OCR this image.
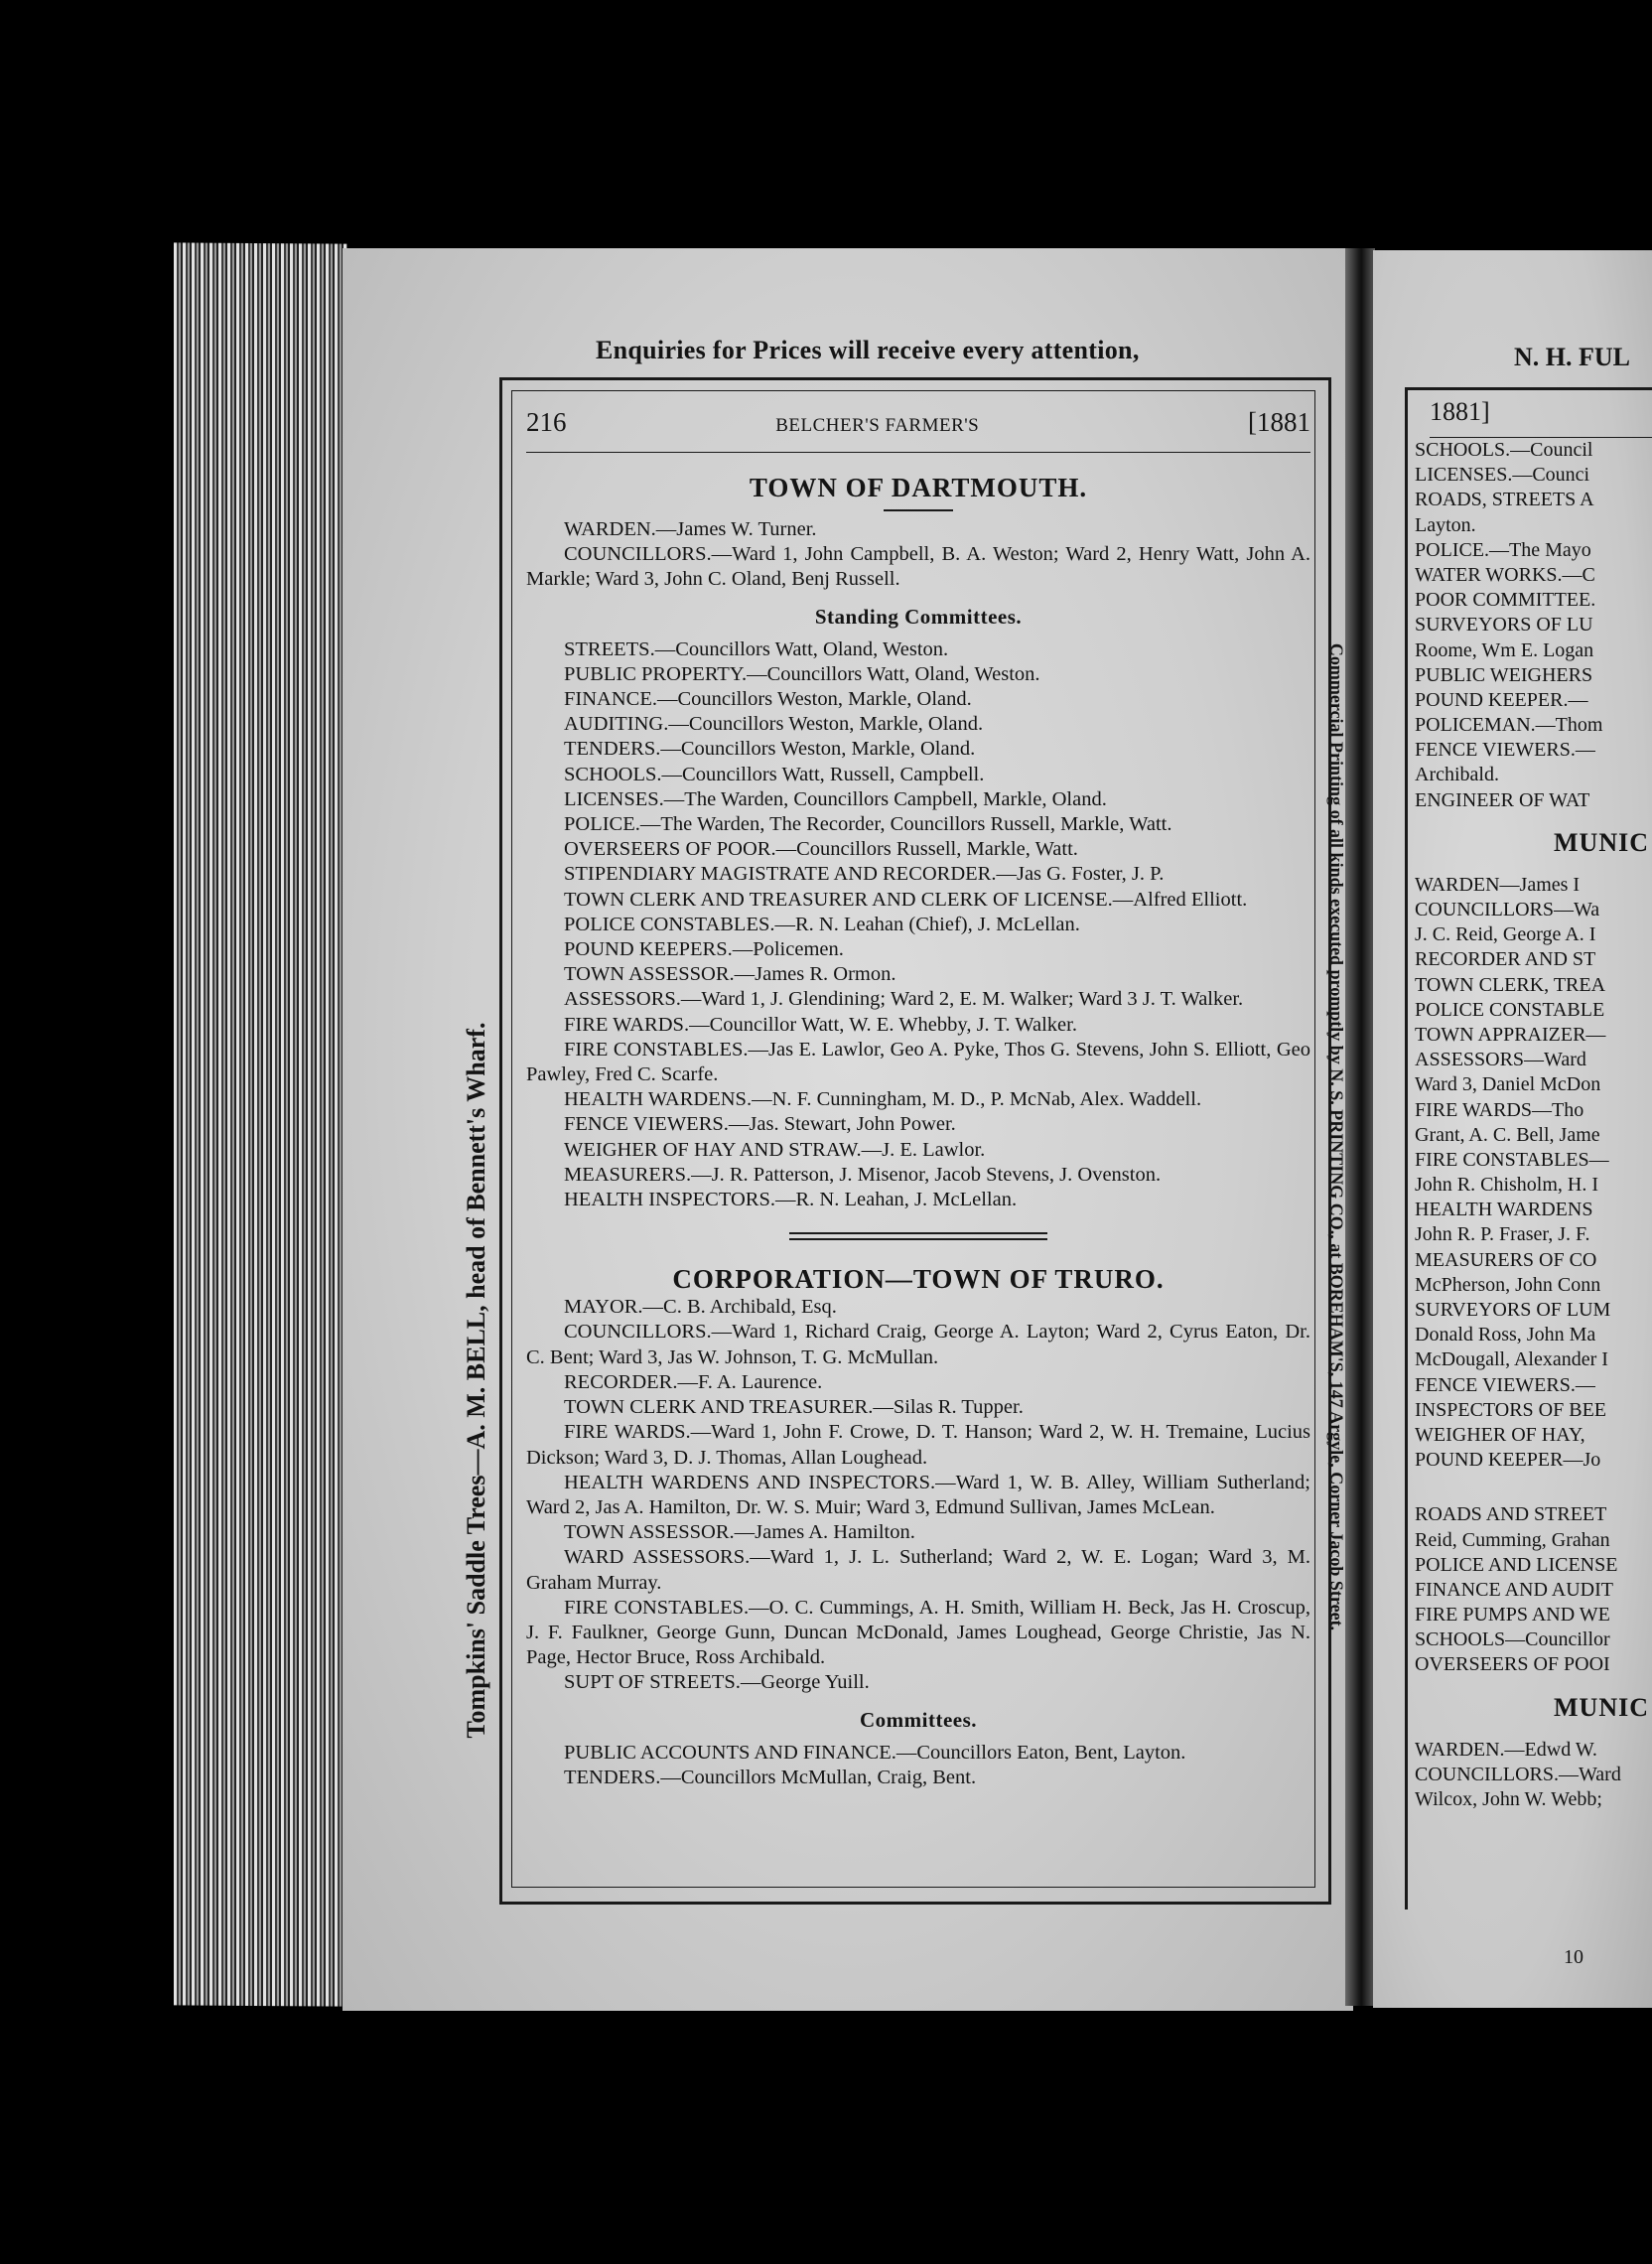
Enquiries for Prices will receive every attention,
Tompkins' Saddle Trees—A. M. BELL, head of Bennett's Wharf.	Commercial Printing of all kinds executed promptly by N. S. PRINTING CO., at BOREHAM'S, 147 Argyle, Corner Jacob Street.
216	BELCHER'S FARMER'S	[1881
TOWN OF DARTMOUTH.

WARDEN.—James W. Turner.

COUNCILLORS.—Ward 1, John Campbell, B. A. Weston; Ward 2, Henry Watt, John A. Markle; Ward 3, John C. Oland, Benj Russell.

Standing Committees.

STREETS.—Councillors Watt, Oland, Weston.

PUBLIC PROPERTY.—Councillors Watt, Oland, Weston.

FINANCE.—Councillors Weston, Markle, Oland.

AUDITING.—Councillors Weston, Markle, Oland.

TENDERS.—Councillors Weston, Markle, Oland.

SCHOOLS.—Councillors Watt, Russell, Campbell.

LICENSES.—The Warden, Councillors Campbell, Markle, Oland.

POLICE.—The Warden, The Recorder, Councillors Russell, Markle, Watt.

OVERSEERS OF POOR.—Councillors Russell, Markle, Watt.

STIPENDIARY MAGISTRATE AND RECORDER.—Jas G. Foster, J. P.

TOWN CLERK AND TREASURER AND CLERK OF LICENSE.—Alfred Elliott.

POLICE CONSTABLES.—R. N. Leahan (Chief), J. McLellan.

POUND KEEPERS.—Policemen.

TOWN ASSESSOR.—James R. Ormon.

ASSESSORS.—Ward 1, J. Glendining; Ward 2, E. M. Walker; Ward 3 J. T. Walker.

FIRE WARDS.—Councillor Watt, W. E. Whebby, J. T. Walker.

FIRE CONSTABLES.—Jas E. Lawlor, Geo A. Pyke, Thos G. Stevens, John S. Elliott, Geo Pawley, Fred C. Scarfe.

HEALTH WARDENS.—N. F. Cunningham, M. D., P. McNab, Alex. Waddell.

FENCE VIEWERS.—Jas. Stewart, John Power.

WEIGHER OF HAY AND STRAW.—J. E. Lawlor.

MEASURERS.—J. R. Patterson, J. Misenor, Jacob Stevens, J. Ovenston.

HEALTH INSPECTORS.—R. N. Leahan, J. McLellan.

CORPORATION—TOWN OF TRURO.

MAYOR.—C. B. Archibald, Esq.

COUNCILLORS.—Ward 1, Richard Craig, George A. Layton; Ward 2, Cyrus Eaton, Dr. C. Bent; Ward 3, Jas W. Johnson, T. G. McMullan.

RECORDER.—F. A. Laurence.

TOWN CLERK AND TREASURER.—Silas R. Tupper.

FIRE WARDS.—Ward 1, John F. Crowe, D. T. Hanson; Ward 2, W. H. Tremaine, Lucius Dickson; Ward 3, D. J. Thomas, Allan Loughead.

HEALTH WARDENS AND INSPECTORS.—Ward 1, W. B. Alley, William Sutherland; Ward 2, Jas A. Hamilton, Dr. W. S. Muir; Ward 3, Edmund Sullivan, James McLean.

TOWN ASSESSOR.—James A. Hamilton.

WARD ASSESSORS.—Ward 1, J. L. Sutherland; Ward 2, W. E. Logan; Ward 3, M. Graham Murray.

FIRE CONSTABLES.—O. C. Cummings, A. H. Smith, William H. Beck, Jas H. Croscup, J. F. Faulkner, George Gunn, Duncan McDonald, James Loughead, George Christie, Jas N. Page, Hector Bruce, Ross Archibald.

SUPT OF STREETS.—George Yuill.

Committees.

PUBLIC ACCOUNTS AND FINANCE.—Councillors Eaton, Bent, Layton.

TENDERS.—Councillors McMullan, Craig, Bent.

N. H. FUL
1881]
SCHOOLS.—Council
LICENSES.—Counci
ROADS, STREETS A
Layton.
POLICE.—The Mayo
WATER WORKS.—C
POOR COMMITTEE.
SURVEYORS OF LU
Roome, Wm E. Logan
PUBLIC WEIGHERS
POUND KEEPER.—
POLICEMAN.—Thom
FENCE VIEWERS.—
Archibald.
ENGINEER OF WAT
MUNIC
WARDEN—James I
COUNCILLORS—Wa
J. C. Reid, George A. I
RECORDER AND ST
TOWN CLERK, TREA
POLICE CONSTABLE
TOWN APPRAIZER—
ASSESSORS—Ward
Ward 3, Daniel McDon
FIRE WARDS—Tho
Grant, A. C. Bell, Jame
FIRE CONSTABLES—
John R. Chisholm, H. I
HEALTH WARDENS
John R. P. Fraser, J. F.
MEASURERS OF CO
McPherson, John Conn
SURVEYORS OF LUM
Donald Ross, John Ma
McDougall, Alexander I
FENCE VIEWERS.—
INSPECTORS OF BEE
WEIGHER OF HAY,
POUND KEEPER—Jo
ROADS AND STREET
Reid, Cumming, Grahan
POLICE AND LICENSE
FINANCE AND AUDIT
FIRE PUMPS AND WE
SCHOOLS—Councillor
OVERSEERS OF POOI
MUNIC
WARDEN.—Edwd W.
COUNCILLORS.—Ward
Wilcox, John W. Webb;
10
